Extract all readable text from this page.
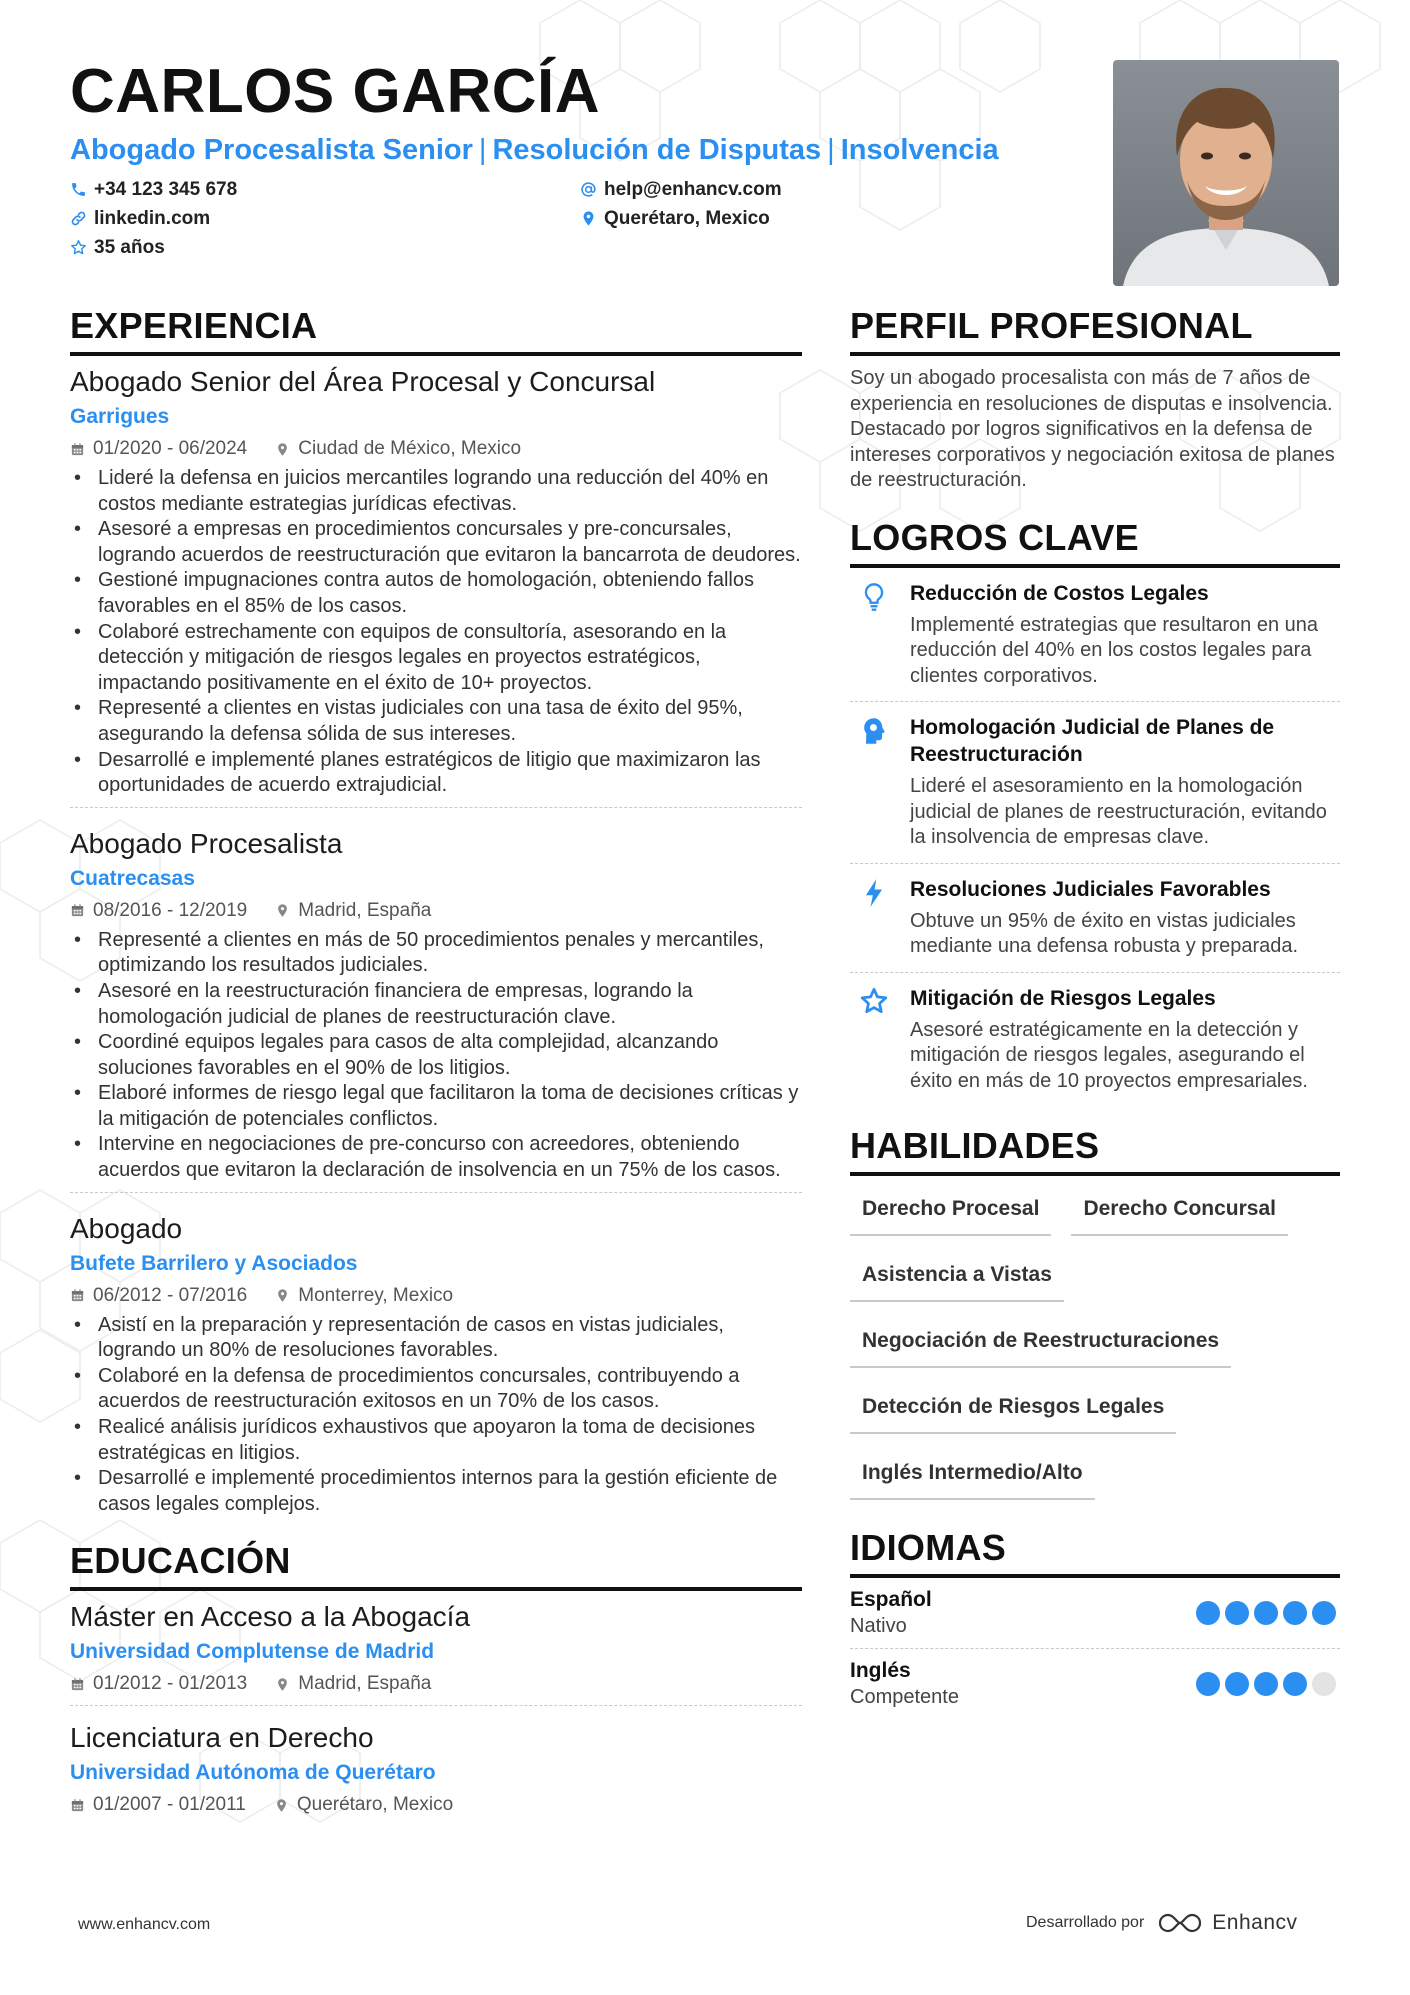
CARLOS GARCÍA
Abogado Procesalista Senior | Resolución de Disputas | Insolvencia
+34 123 345 678	help@enhancv.com
linkedin.com	Querétaro, Mexico
35 años
EXPERIENCIA
Abogado Senior del Área Procesal y Concursal
Garrigues
01/2020 - 06/2024	Ciudad de México, Mexico
• Lideré la defensa en juicios mercantiles logrando una reducción del 40% en costos mediante estrategias jurídicas efectivas.
• Asesoré a empresas en procedimientos concursales y pre-concursales, logrando acuerdos de reestructuración que evitaron la bancarrota de deudores.
• Gestioné impugnaciones contra autos de homologación, obteniendo fallos favorables en el 85% de los casos.
• Colaboré estrechamente con equipos de consultoría, asesorando en la detección y mitigación de riesgos legales en proyectos estratégicos, impactando positivamente en el éxito de 10+ proyectos.
• Representé a clientes en vistas judiciales con una tasa de éxito del 95%, asegurando la defensa sólida de sus intereses.
• Desarrollé e implementé planes estratégicos de litigio que maximizaron las oportunidades de acuerdo extrajudicial.
Abogado Procesalista
Cuatrecasas
08/2016 - 12/2019	Madrid, España
• Representé a clientes en más de 50 procedimientos penales y mercantiles, optimizando los resultados judiciales.
• Asesoré en la reestructuración financiera de empresas, logrando la homologación judicial de planes de reestructuración clave.
• Coordiné equipos legales para casos de alta complejidad, alcanzando soluciones favorables en el 90% de los litigios.
• Elaboré informes de riesgo legal que facilitaron la toma de decisiones críticas y la mitigación de potenciales conflictos.
• Intervine en negociaciones de pre-concurso con acreedores, obteniendo acuerdos que evitaron la declaración de insolvencia en un 75% de los casos.
Abogado
Bufete Barrilero y Asociados
06/2012 - 07/2016	Monterrey, Mexico
• Asistí en la preparación y representación de casos en vistas judiciales, logrando un 80% de resoluciones favorables.
• Colaboré en la defensa de procedimientos concursales, contribuyendo a acuerdos de reestructuración exitosos en un 70% de los casos.
• Realicé análisis jurídicos exhaustivos que apoyaron la toma de decisiones estratégicas en litigios.
• Desarrollé e implementé procedimientos internos para la gestión eficiente de casos legales complejos.
EDUCACIÓN
Máster en Acceso a la Abogacía
Universidad Complutense de Madrid
01/2012 - 01/2013	Madrid, España
Licenciatura en Derecho
Universidad Autónoma de Querétaro
01/2007 - 01/2011	Querétaro, Mexico
PERFIL PROFESIONAL
Soy un abogado procesalista con más de 7 años de experiencia en resoluciones de disputas e insolvencia. Destacado por logros significativos en la defensa de intereses corporativos y negociación exitosa de planes de reestructuración.
LOGROS CLAVE
Reducción de Costos Legales
Implementé estrategias que resultaron en una reducción del 40% en los costos legales para clientes corporativos.
Homologación Judicial de Planes de Reestructuración
Lideré el asesoramiento en la homologación judicial de planes de reestructuración, evitando la insolvencia de empresas clave.
Resoluciones Judiciales Favorables
Obtuve un 95% de éxito en vistas judiciales mediante una defensa robusta y preparada.
Mitigación de Riesgos Legales
Asesoré estratégicamente en la detección y mitigación de riesgos legales, asegurando el éxito en más de 10 proyectos empresariales.
HABILIDADES
Derecho Procesal	Derecho Concursal
Asistencia a Vistas
Negociación de Reestructuraciones
Detección de Riesgos Legales
Inglés Intermedio/Alto
IDIOMAS
Español
Nativo
Inglés
Competente
www.enhancv.com	Desarrollado por	Enhancv
